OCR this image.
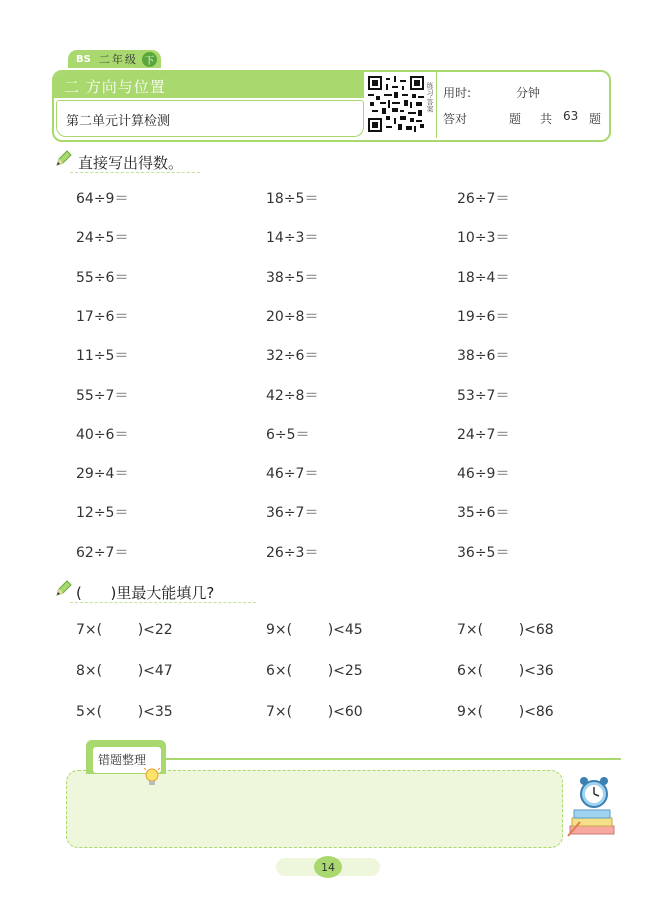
BS 二年级 下
二 方向与位置
第二单元计算检测
练习·答案 用时:	分钟
答对	题 共 63 题
直接写出得数。
64÷9＝
24÷5＝
55÷6＝
17÷6＝
11÷5＝
55÷7＝
40÷6＝
29÷4＝
12÷5＝
62÷7＝
18÷5＝
14÷3＝
38÷5＝
20÷8＝
32÷6＝
42÷8＝
6÷5＝
46÷7＝
36÷7＝
26÷3＝
26÷7＝
10÷3＝
18÷4＝
19÷6＝
38÷6＝
53÷7＝
24÷7＝
46÷9＝
35÷6＝
36÷5＝
(      )里最大能填几?
7×(        )<22
8×(        )<47
5×(        )<35
9×(        )<45
6×(        )<25
7×(        )<60
7×(        )<68
6×(        )<36
9×(        )<86
错题整理
14
